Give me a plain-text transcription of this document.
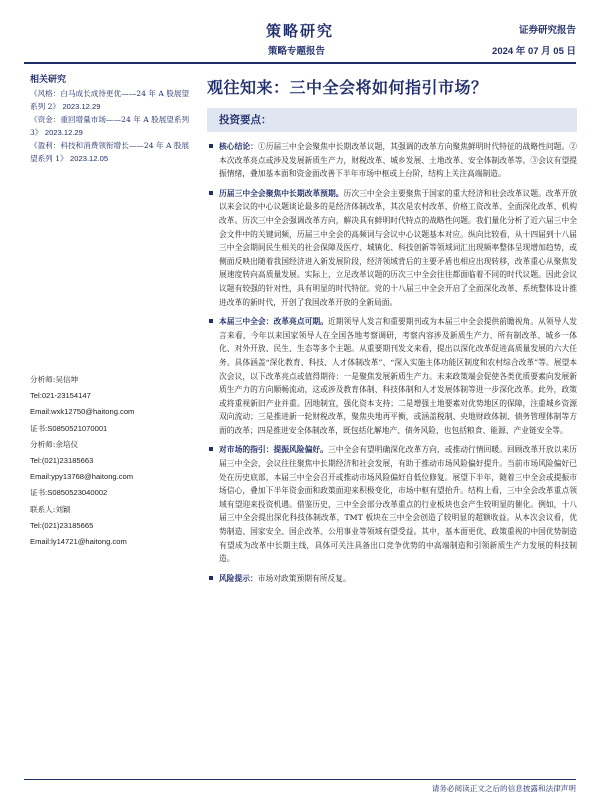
策略研究
策略专题报告
证券研究报告
2024 年 07 月 05 日
相关研究
《风格：白马成长成待更优——24 年 A 股展望系列 2》 2023.12.29
《资金：重回增量市场——24 年 A 股展望系列 3》 2023.12.29
《盈利：科技和消费领衔增长——24 年 A 股展望系列 1》 2023.12.05
分析师:吴信坤
Tel:021-23154147
Email:wxk12750@haitong.com
证书:S0850521070001
分析师:余培仪
Tel:(021)23185663
Email:ypy13768@haitong.com
证书:S0850523040002
联系人:刘颖
Tel:(021)23185665
Email:ly14721@haitong.com
观往知来：三中全会将如何指引市场？
投资要点：
核心结论：①历届三中全会聚焦中长期改革议题，其强调的改革方向聚焦鲜明时代特征的战略性问题。②本次改革亮点或涉及发展新质生产力，财税改革、城乡发展、土地改革、安全体制改革等。③会议有望提振情绪，叠加基本面和资金面改善下半年市场中枢或上台阶，结构上关注高端制造。
历届三中全会聚焦中长期改革预期。历次三中全会主要聚焦于国家的重大经济和社会改革议题。改革开放以来会议的中心议题谈论最多的是经济体制改革，其次是农村改革、价格工资改革、全面深化改革、机构改革。历次三中全会强调改革方向，解决具有鲜明时代特点的战略性问题。我们量化分析了近六届三中全会文件中的关键词频，历届三中全会的高频词与会议中心议题基本对应。纵向比较看，从十四届到十八届三中全会期间民生相关的社会保障及医疗、城镇化、科技创新等领域词汇出现频率整体呈现增加趋势，或侧面反映出随着我国经济进入新发展阶段，经济领域背后的主要矛盾也相应出现转移，改革重心从聚焦发展速度转向高质量发展。实际上，立足改革议题的历次三中全会往往都面临着不同的时代议题。因此会议议题有较强的针对性，具有明显的时代特征。党的十八届三中全会开启了全面深化改革、系统整体设计推进改革的新时代，开创了我国改革开放的全新局面。
本届三中全会：改革亮点可期。近期领导人发言和重要期刊或为本届三中全会提供前瞻视角。从领导人发言来看，今年以来国家领导人在全国各地考察调研，考察内容涉及新质生产力、所有制改革、城乡一体化、对外开放、民生、生态等多个主题。从重要期刊发文来看，提出以深化改革促进高质量发展的六大任务。具体涵盖“深化教育、科技、人才体制改革”、“深入实施主体功能区制度和农村综合改革”等。展望本次会议，以下改革亮点或值得期待：一是聚焦发展新质生产力。未来政策端会促使各类优质要素向发展新质生产力的方向顺畅流动，这或涉及教育体制、科技体制和人才发展体制等进一步深化改革。此外，政策或将重视新旧产业并重。因地制宜，强化资本支持；二是增强土地要素对优势地区的保障，注重城乡资源双向流动；三是推进新一轮财税改革，聚焦央地再平衡，或涵盖税制、央地财政体制、债务管理体制等方面的改革；四是推进安全体制改革，既包括化解地产、债务风险，也包括粮食、能源、产业链安全等。
对市场的指引：提振风险偏好。三中全会有望明确深化改革方向，或推动行情回暖。回顾改革开放以来历届三中全会，会议往往聚焦中长期经济和社会发展，有助于推动市场风险偏好提升。当前市场风险偏好已处在历史底部，本届三中全会召开或推动市场风险偏好自低位修复。展望下半年，随着三中全会或提振市场信心，叠加下半年资金面和政策面迎来积极变化，市场中枢有望抬升。结构上看，三中全会改革重点领域有望迎来投资机遇。借鉴历史，三中全会部分改革重点的行业板块也会产生较明显的催化。例如，十八届三中全会提出深化科技体制改革，TMT 板块在三中全会创造了较明显的超额收益。从本次会议看，优势制造、国家安全、国企改革、公用事业等领域有望受益。其中，基本面更优、政策重视的中国优势制造有望成为改革中长期主线，具体可关注具备出口竞争优势的中高端制造和引领新质生产力发展的科技制造。
风险提示：市场对政策预期有所反复。
请务必阅读正文之后的信息披露和法律声明
